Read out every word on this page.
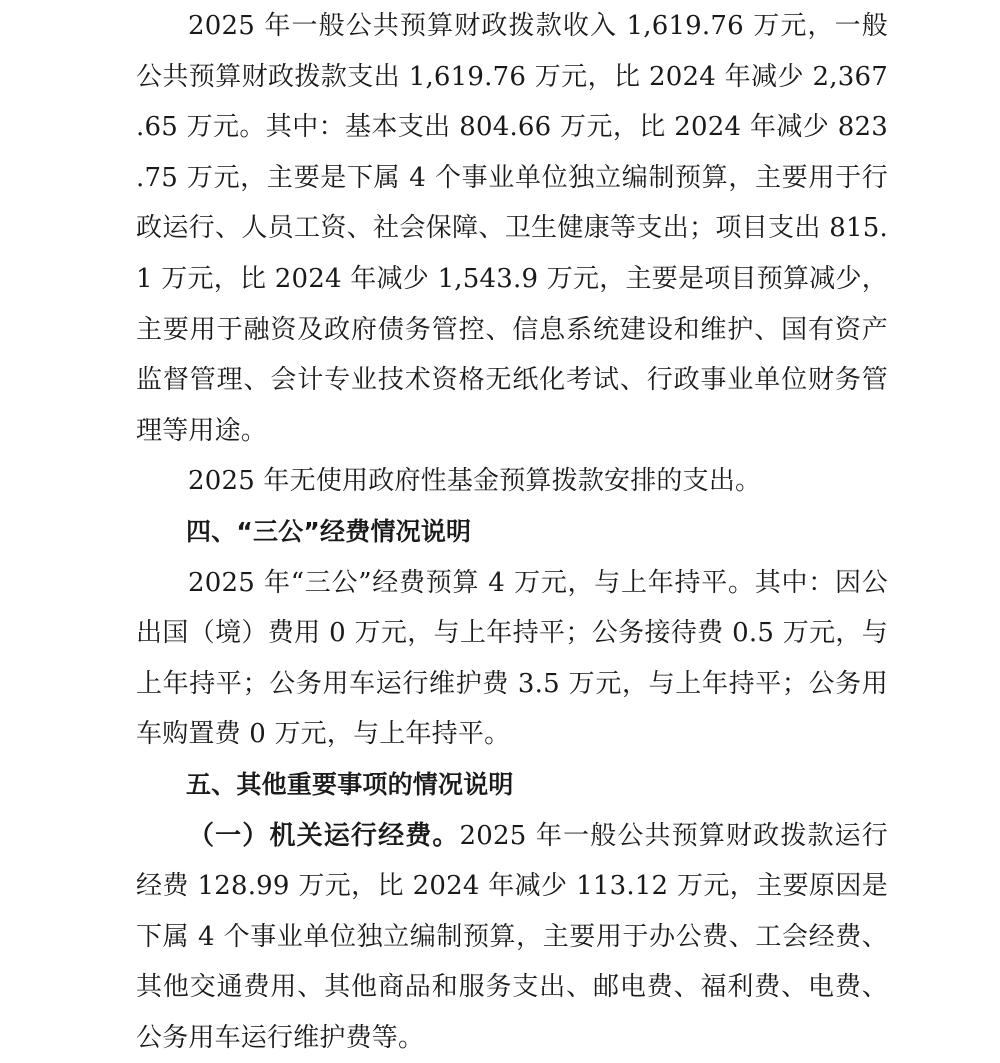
2025 年一般公共预算财政拨款收入 1,619.76 万元，一般公共预算财政拨款支出 1,619.76 万元，比 2024 年减少 2,367.65 万元。其中：基本支出 804.66 万元，比 2024 年减少 823.75 万元，主要是下属 4 个事业单位独立编制预算，主要用于行政运行、人员工资、社会保障、卫生健康等支出；项目支出 815.1 万元，比 2024 年减少 1,543.9 万元，主要是项目预算减少，主要用于融资及政府债务管控、信息系统建设和维护、国有资产监督管理、会计专业技术资格无纸化考试、行政事业单位财务管理等用途。

2025 年无使用政府性基金预算拨款安排的支出。

四、“三公”经费情况说明

2025 年“三公”经费预算 4 万元，与上年持平。其中：因公出国（境）费用 0 万元，与上年持平；公务接待费 0.5 万元，与上年持平；公务用车运行维护费 3.5 万元，与上年持平；公务用车购置费 0 万元，与上年持平。

五、其他重要事项的情况说明

（一）机关运行经费。2025 年一般公共预算财政拨款运行经费 128.99 万元，比 2024 年减少 113.12 万元，主要原因是下属 4 个事业单位独立编制预算，主要用于办公费、工会经费、其他交通费用、其他商品和服务支出、邮电费、福利费、电费、公务用车运行维护费等。
